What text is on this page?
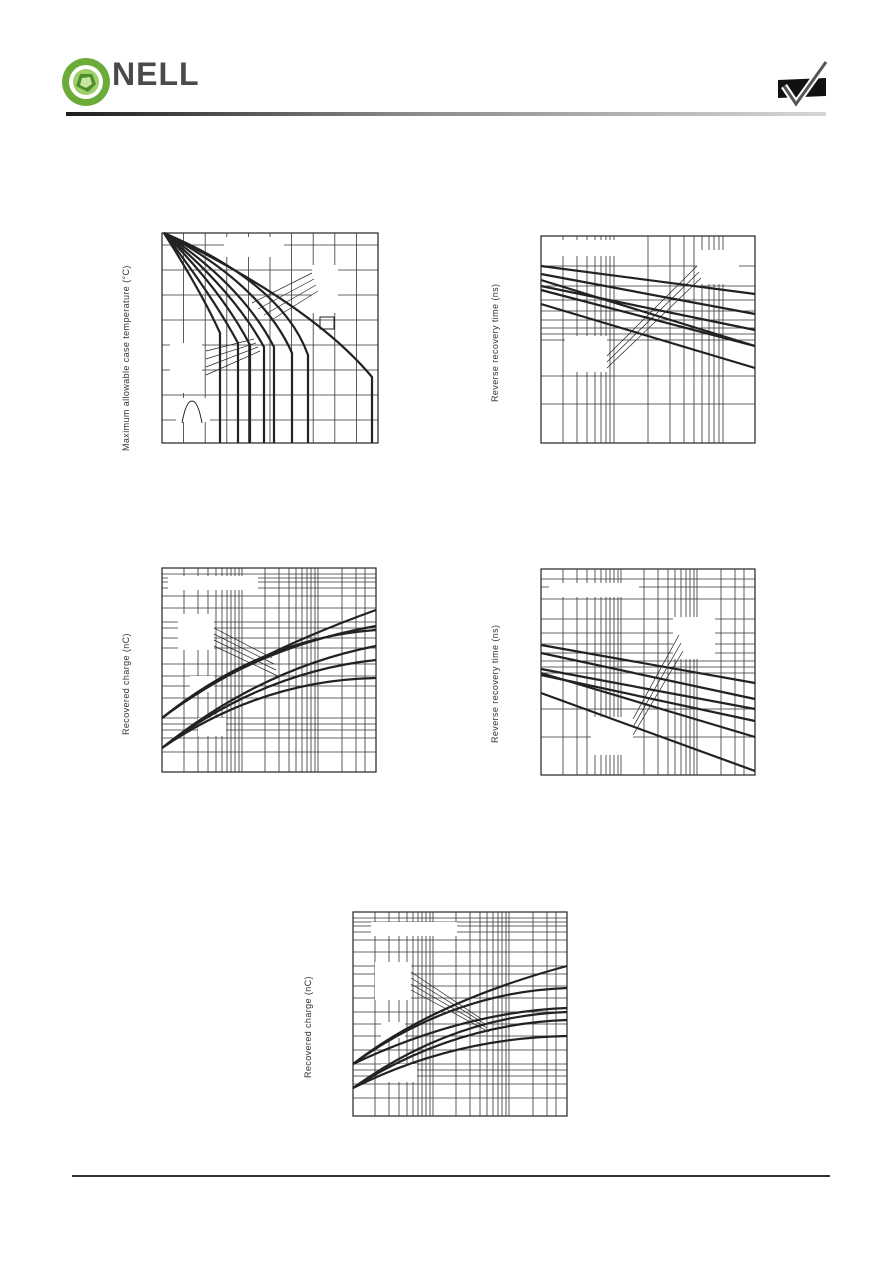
NELL
Maximum allowable case temperature (°C)	Reverse recovery time (ns)
Recovered charge (nC)	Reverse recovery time (ns)
Recovered charge (nC)
